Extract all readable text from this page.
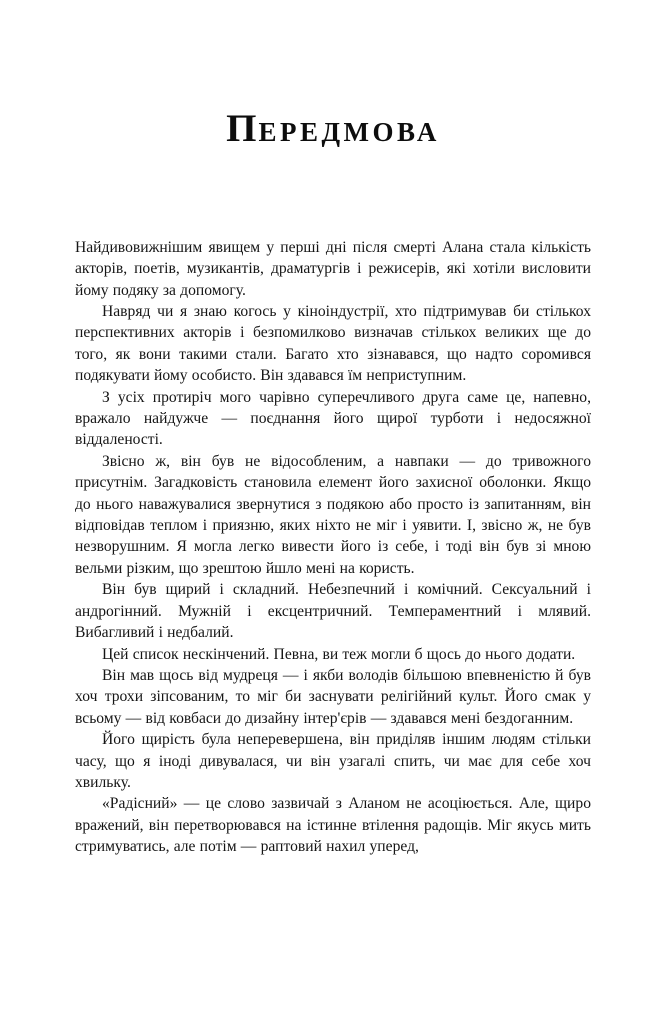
ПЕРЕДМОВА

Найдивовижнішим явищем у перші дні після смерті Алана стала кількість акторів, поетів, музикантів, драматургів і режисерів, які хотіли висловити йому подяку за допомогу.

Навряд чи я знаю когось у кіноіндустрії, хто підтримував би стількох перспективних акторів і безпомилково визначав стількох великих ще до того, як вони такими стали. Багато хто зізнавався, що надто соромився подякувати йому особисто. Він здавався їм неприступним.

З усіх протиріч мого чарівно суперечливого друга саме це, напевно, вражало найдужче — поєднання його щирої турботи і недосяжної віддаленості.

Звісно ж, він був не відособленим, а навпаки — до тривожного присутнім. Загадковість становила елемент його захисної оболонки. Якщо до нього наважувалися звернутися з подякою або просто із запитанням, він відповідав теплом і приязню, яких ніхто не міг і уявити. І, звісно ж, не був незворушним. Я могла легко вивести його із себе, і тоді він був зі мною вельми різким, що зрештою йшло мені на користь.

Він був щирий і складний. Небезпечний і комічний. Сексуальний і андрогінний. Мужній і ексцентричний. Темпераментний і млявий. Вибагливий і недбалий.

Цей список нескінчений. Певна, ви теж могли б щось до нього додати.

Він мав щось від мудреця — і якби володів більшою впевненістю й був хоч трохи зіпсованим, то міг би заснувати релігійний культ. Його смак у всьому — від ковбаси до дизайну інтер'єрів — здавався мені бездоганним.

Його щирість була неперевершена, він приділяв іншим людям стільки часу, що я іноді дивувалася, чи він узагалі спить, чи має для себе хоч хвильку.

«Радісний» — це слово зазвичай з Аланом не асоціюється. Але, щиро вражений, він перетворювався на істинне втілення радощів. Міг якусь мить стримуватись, але потім — раптовий нахил уперед,
